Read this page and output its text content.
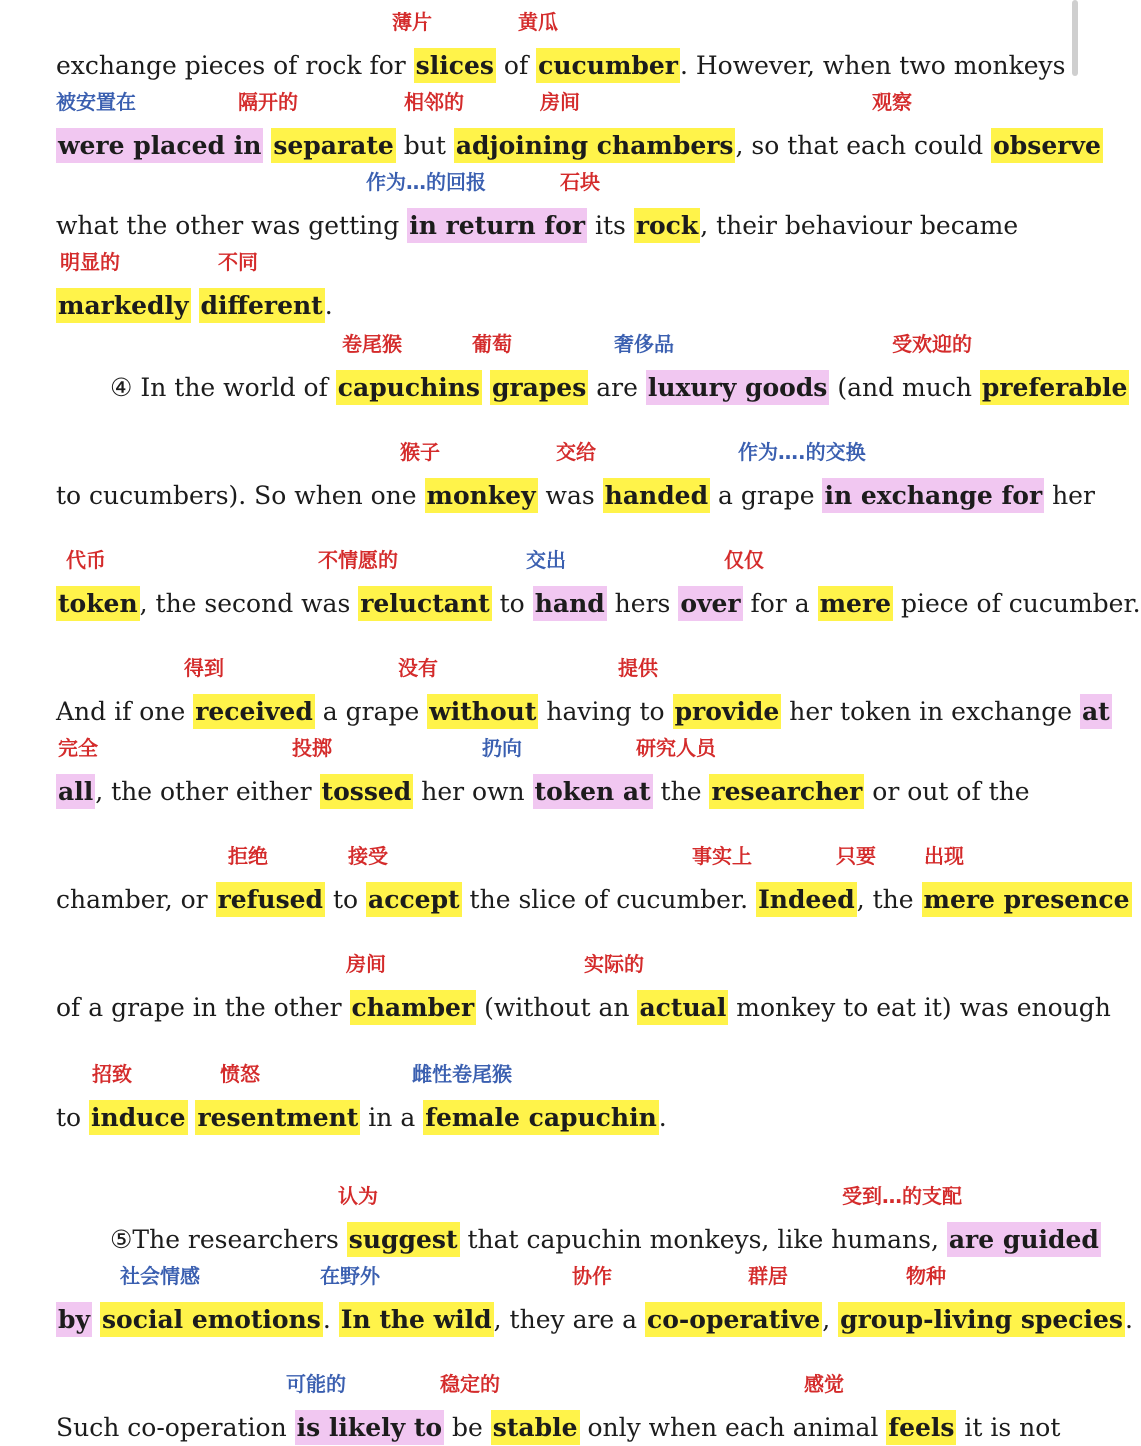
薄片	黄瓜
exchange pieces of rock for slices of cucumber. However, when two monkeys
被安置在	隔开的	相邻的	房间	观察
were placed in separate but adjoining chambers, so that each could observe
作为…的回报	石块
what the other was getting in return for its rock, their behaviour became
明显的	不同
markedly different.
卷尾猴	葡萄	奢侈品	受欢迎的
④ In the world of capuchins grapes are luxury goods (and much preferable
猴子	交给	作为….的交换
to cucumbers). So when one monkey was handed a grape in exchange for her
代币	不情愿的	交出	仅仅
token, the second was reluctant to hand hers over for a mere piece of cucumber.
得到	没有	提供
And if one received a grape without having to provide her token in exchange at
完全	投掷	扔向	研究人员
all, the other either tossed her own token at the researcher or out of the
拒绝	接受	事实上	只要 出现
chamber, or refused to accept the slice of cucumber. Indeed, the mere presence
房间	实际的
of a grape in the other chamber (without an actual monkey to eat it) was enough
招致	愤怒	雌性卷尾猴
to induce resentment in a female capuchin.
认为	受到…的支配
⑤The researchers suggest that capuchin monkeys, like humans, are guided
社会情感	在野外	协作	群居	物种
by social emotions. In the wild, they are a co-operative, group-living species.
可能的	稳定的	感觉
Such co-operation is likely to be stable only when each animal feels it is not
